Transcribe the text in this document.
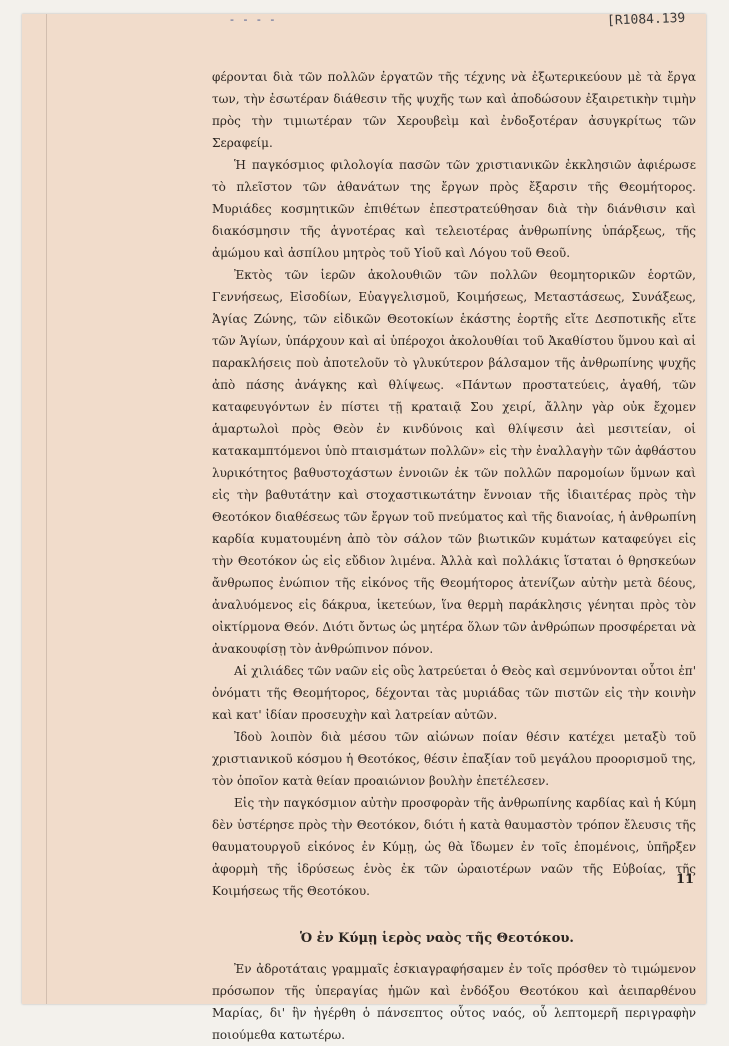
- - - -	[R1084.139

φέρονται διὰ τῶν πολλῶν ἐργατῶν τῆς τέχνης νὰ ἐξωτερικεύουν μὲ τὰ ἔργα των, τὴν ἐσωτέραν διάθεσιν τῆς ψυχῆς των καὶ ἀποδώσουν ἐξαιρετικὴν τιμὴν πρὸς τὴν τιμιωτέραν τῶν Χερουβεὶμ καὶ ἐνδοξοτέραν ἀσυγκρίτως τῶν Σεραφείμ.

Ἡ παγκόσμιος φιλολογία πασῶν τῶν χριστιανικῶν ἐκκλησιῶν ἀφιέρωσε τὸ πλεῖστον τῶν ἀθανάτων της ἔργων πρὸς ἔξαρσιν τῆς Θεομήτορος. Μυριάδες κοσμητικῶν ἐπιθέτων ἐπεστρατεύθησαν διὰ τὴν διάνθισιν καὶ διακόσμησιν τῆς ἁγνοτέρας καὶ τελειοτέρας ἀνθρωπίνης ὑπάρξεως, τῆς ἀμώμου καὶ ἀσπίλου μητρὸς τοῦ Υἱοῦ καὶ Λόγου τοῦ Θεοῦ.

Ἐκτὸς τῶν ἱερῶν ἀκολουθιῶν τῶν πολλῶν θεομητορικῶν ἑορτῶν, Γεννήσεως, Εἰσοδίων, Εὐαγγελισμοῦ, Κοιμήσεως, Μεταστάσεως, Συνάξεως, Ἁγίας Ζώνης, τῶν εἰδικῶν Θεοτοκίων ἑκάστης ἑορτῆς εἴτε Δεσποτικῆς εἴτε τῶν Ἁγίων, ὑπάρχουν καὶ αἱ ὑπέροχοι ἀκολουθίαι τοῦ Ἀκαθίστου ὕμνου καὶ αἱ παρακλήσεις ποὺ ἀποτελοῦν τὸ γλυκύτερον βάλσαμον τῆς ἀνθρωπίνης ψυχῆς ἀπὸ πάσης ἀνάγκης καὶ θλίψεως. «Πάντων προστατεύεις, ἀγαθή, τῶν καταφευγόντων ἐν πίστει τῇ κραταιᾷ Σου χειρί, ἄλλην γὰρ οὐκ ἔχομεν ἁμαρτωλοὶ πρὸς Θεὸν ἐν κινδύνοις καὶ θλίψεσιν ἀεὶ μεσιτείαν, οἱ κατακαμπτόμενοι ὑπὸ πταισμάτων πολλῶν» εἰς τὴν ἐναλλαγὴν τῶν ἀφθάστου λυρικότητος βαθυστοχάστων ἐννοιῶν ἐκ τῶν πολλῶν παρομοίων ὕμνων καὶ εἰς τὴν βαθυτάτην καὶ στοχαστικωτάτην ἔννοιαν τῆς ἰδιαιτέρας πρὸς τὴν Θεοτόκον διαθέσεως τῶν ἔργων τοῦ πνεύματος καὶ τῆς διανοίας, ἡ ἀνθρωπίνη καρδία κυματουμένη ἀπὸ τὸν σάλον τῶν βιωτικῶν κυμάτων καταφεύγει εἰς τὴν Θεοτόκον ὡς εἰς εὔδιον λιμένα. Ἀλλὰ καὶ πολλάκις ἵσταται ὁ θρησκεύων ἄνθρωπος ἐνώπιον τῆς εἰκόνος τῆς Θεομήτορος ἀτενίζων αὐτὴν μετὰ δέους, ἀναλυόμενος εἰς δάκρυα, ἱκετεύων, ἵνα θερμὴ παράκλησις γένηται πρὸς τὸν οἰκτίρμονα Θεόν. Διότι ὄντως ὡς μητέρα ὅλων τῶν ἀνθρώπων προσφέρεται νὰ ἀνακουφίσῃ τὸν ἀνθρώπινον πόνον.

Αἱ χιλιάδες τῶν ναῶν εἰς οὓς λατρεύεται ὁ Θεὸς καὶ σεμνύνονται οὗτοι ἐπ' ὀνόματι τῆς Θεομήτορος, δέχονται τὰς μυριάδας τῶν πιστῶν εἰς τὴν κοινὴν καὶ κατ' ἰδίαν προσευχὴν καὶ λατρείαν αὐτῶν.

Ἰδοὺ λοιπὸν διὰ μέσου τῶν αἰώνων ποίαν θέσιν κατέχει μεταξὺ τοῦ χριστιανικοῦ κόσμου ἡ Θεοτόκος, θέσιν ἐπαξίαν τοῦ μεγάλου προορισμοῦ της, τὸν ὁποῖον κατὰ θείαν προαιώνιον βουλὴν ἐπετέλεσεν.

Εἰς τὴν παγκόσμιον αὐτὴν προσφορὰν τῆς ἀνθρωπίνης καρδίας καὶ ἡ Κύμη δὲν ὑστέρησε πρὸς τὴν Θεοτόκον, διότι ἡ κατὰ θαυμαστὸν τρόπον ἔλευσις τῆς θαυματουργοῦ εἰκόνος ἐν Κύμῃ, ὡς θὰ ἴδωμεν ἐν τοῖς ἑπομένοις, ὑπῆρξεν ἀφορμὴ τῆς ἱδρύσεως ἑνὸς ἐκ τῶν ὡραιοτέρων ναῶν τῆς Εὐβοίας, τῆς Κοιμήσεως τῆς Θεοτόκου.

Ὁ ἐν Κύμῃ ἱερὸς ναὸς τῆς Θεοτόκου.

Ἐν ἀδροτάταις γραμμαῖς ἐσκιαγραφήσαμεν ἐν τοῖς πρόσθεν τὸ τιμώμενον πρόσωπον τῆς ὑπεραγίας ἡμῶν καὶ ἐνδόξου Θεοτόκου καὶ ἀειπαρθένου Μαρίας, δι' ἣν ἠγέρθη ὁ πάνσεπτος οὗτος ναός, οὗ λεπτομερῆ περιγραφὴν ποιούμεθα κατωτέρω.

11
